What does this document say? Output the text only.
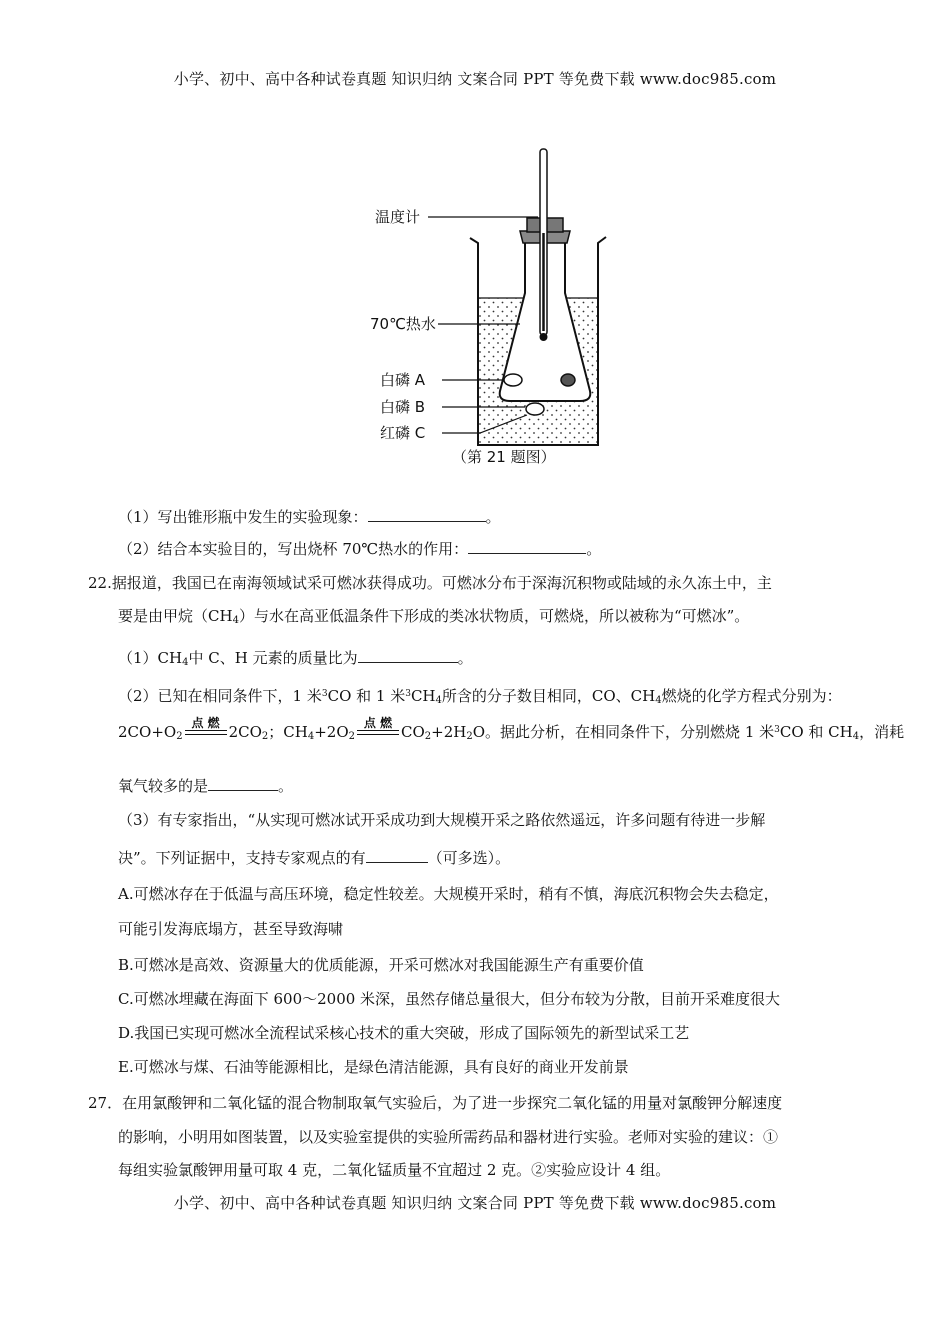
小学、初中、高中各种试卷真题 知识归纳 文案合同 PPT 等免费下载 www.doc985.com
温度计
70℃热水
白磷 A
白磷 B
红磷 C
（第 21 题图）
（1）写出锥形瓶中发生的实验现象：	。
（2）结合本实验目的，写出烧杯 70℃热水的作用：	。
22.据报道，我国已在南海领域试采可燃冰获得成功。可燃冰分布于深海沉积物或陆域的永久冻土中，主
要是由甲烷$(CH_4)$与水在高亚低温条件下形成的类冰状物质，可燃烧，所以被称为“可燃冰”。
$(1)CH_4$中 C、H 元素的质量比为	。
（2）已知在相同条件下，1 米$^3$CO 和 1 米$^3CH_4$所含的分子数目相同，CO、$CH_4$燃烧的化学方程式分别为：
$2CO+O_2$
点 燃 $2CO_2$；$CH_4+2O_2$
点 燃 $CO_2+2H_2O$。据此分析，在相同条件下，分别燃烧 1 米$^3$CO 和 $CH_4$，消耗
氧气较多的是	。
（3）有专家指出，“从实现可燃冰试开采成功到大规模开采之路依然遥远，许多问题有待进一步解
决”。下列证据中，支持专家观点的有	（可多选）。
A.可燃冰存在于低温与高压环境，稳定性较差。大规模开采时，稍有不慎，海底沉积物会失去稳定，
可能引发海底塌方，甚至导致海啸
B.可燃冰是高效、资源量大的优质能源，开采可燃冰对我国能源生产有重要价值
C.可燃冰埋藏在海面下 600～2000 米深，虽然存储总量很大，但分布较为分散，目前开采难度很大
D.我国已实现可燃冰全流程试采核心技术的重大突破，形成了国际领先的新型试采工艺
E.可燃冰与煤、石油等能源相比，是绿色清洁能源，具有良好的商业开发前景
27．在用氯酸钾和二氧化锰的混合物制取氧气实验后，为了进一步探究二氧化锰的用量对氯酸钾分解速度
的影响，小明用如图装置，以及实验室提供的实验所需药品和器材进行实验。老师对实验的建议：①
每组实验氯酸钾用量可取 4 克，二氧化锰质量不宜超过 2 克。②实验应设计 4 组。
小学、初中、高中各种试卷真题 知识归纳 文案合同 PPT 等免费下载 www.doc985.com
